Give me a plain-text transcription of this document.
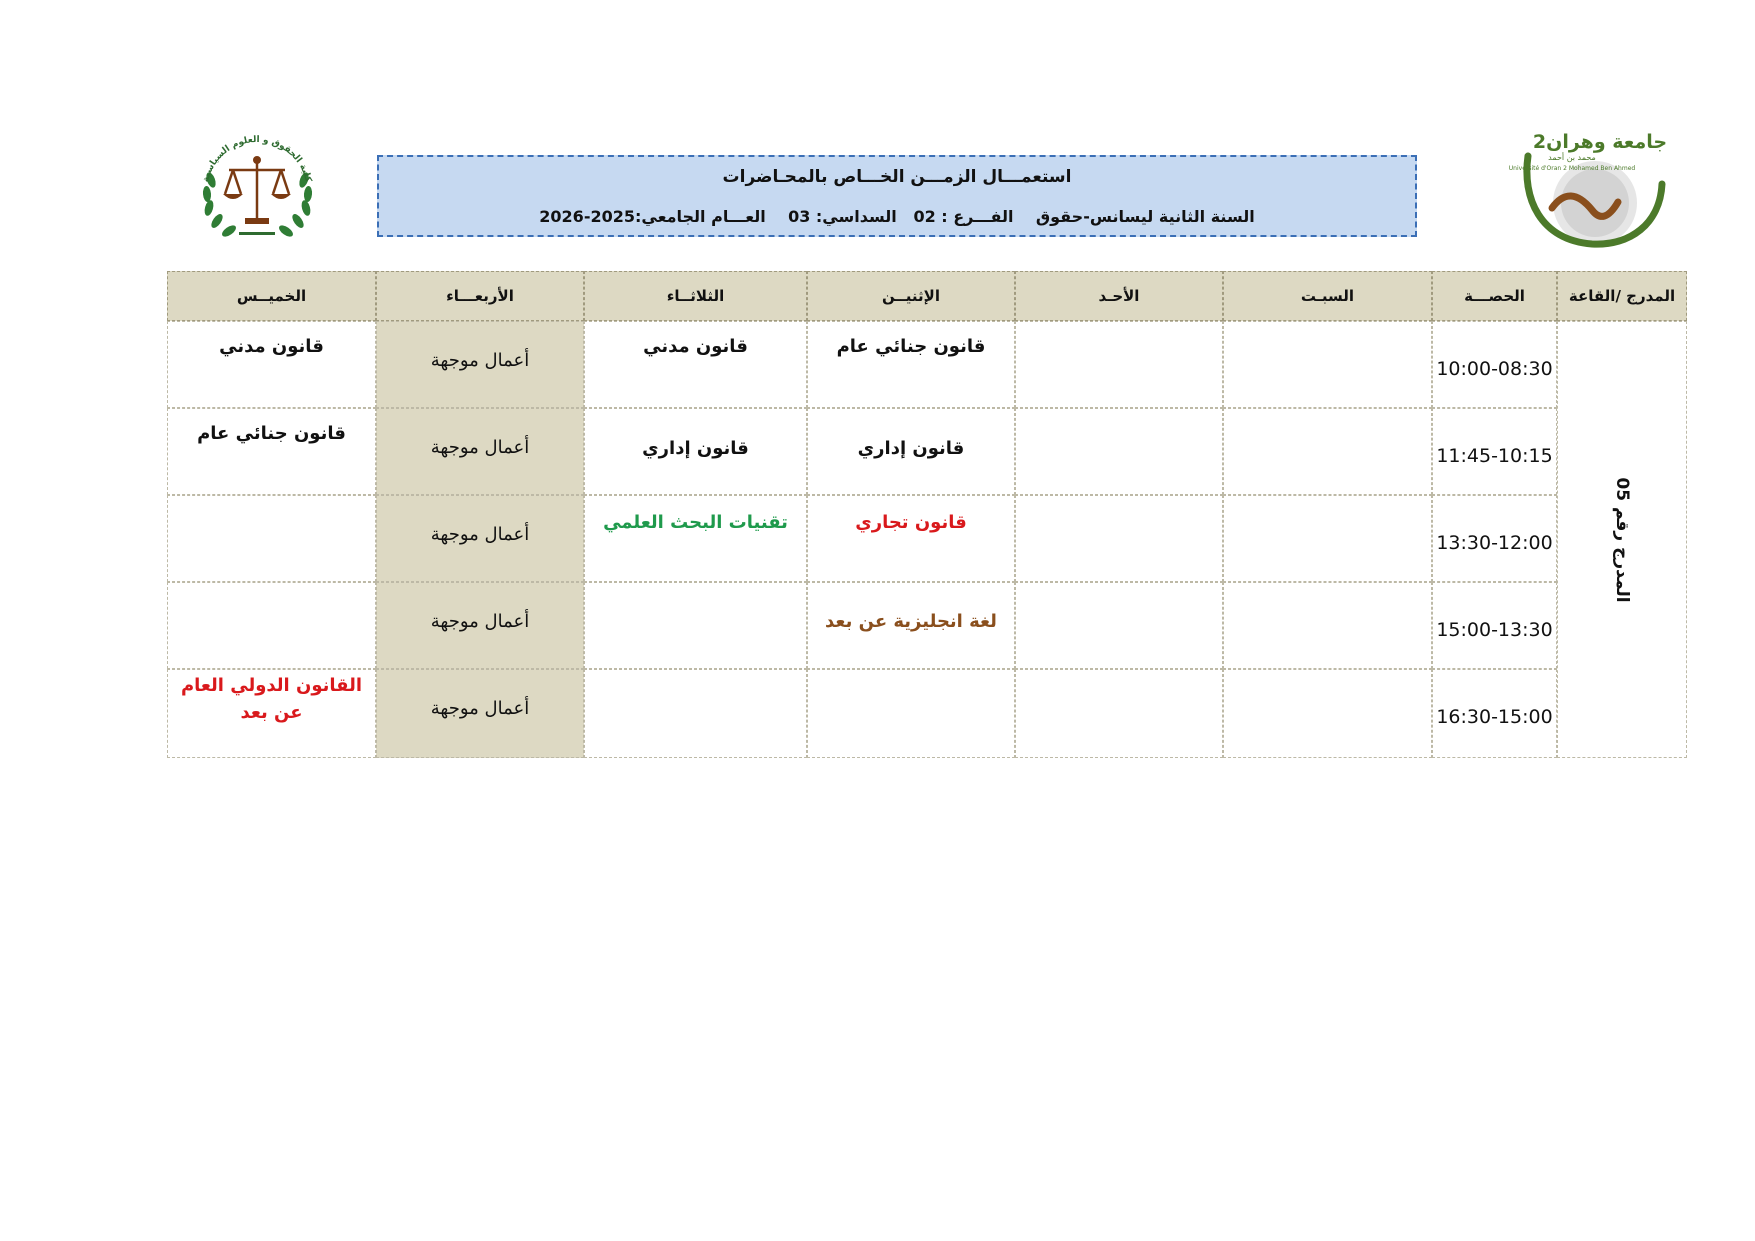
كلية الحقوق و العلوم السياسية
جامعة وهران2
محمد بن أحمد
Université d'Oran 2 Mohamed Ben Ahmed
استعمـــال الزمـــن الخـــاص بالمحـاضرات
السنة الثانية ليسانس-حقوق    الفـــرع : 02   السداسي: 03    العـــام الجامعي:2025-2026
المدرج /القاعة
الحصـــة
السبـت
الأحـد
الإثنيــن
الثلاثــاء
الأربعـــاء
الخميــس
المدرج رقم 05
10:00-08:30
قانون جنائي عام
قانون مدني
أعمال موجهة
قانون مدني
11:45-10:15
قانون إداري
قانون إداري
أعمال موجهة
قانون جنائي عام
13:30-12:00
قانون تجاري
تقنيات البحث العلمي
أعمال موجهة
15:00-13:30
لغة انجليزية عن بعد
أعمال موجهة
16:30-15:00
أعمال موجهة
القانون الدولي العام عن بعد
